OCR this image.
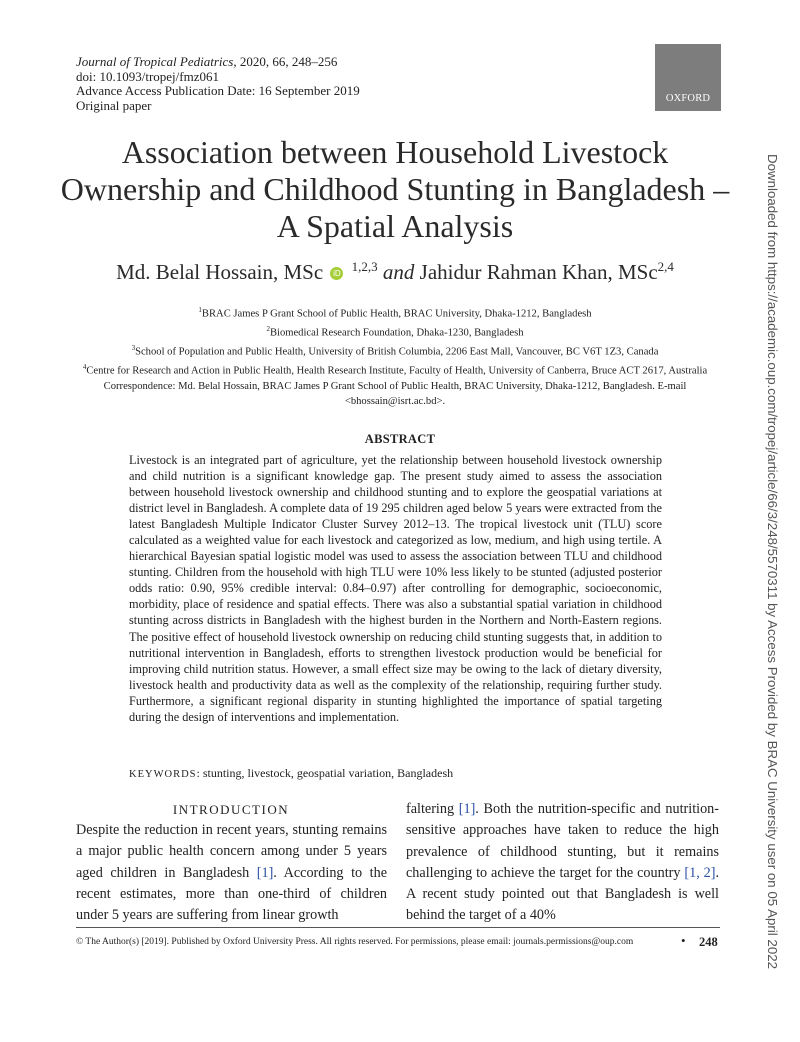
Journal of Tropical Pediatrics, 2020, 66, 248–256
doi: 10.1093/tropej/fmz061
Advance Access Publication Date: 16 September 2019
Original paper	OXFORD
Association between Household Livestock Ownership and Childhood Stunting in Bangladesh – A Spatial Analysis
Md. Belal Hossain, MSc iD $^{1,2,3}$ and Jahidur Rahman Khan, MSc$^{2,4}$
$^1$BRAC James P Grant School of Public Health, BRAC University, Dhaka-1212, Bangladesh
$^2$Biomedical Research Foundation, Dhaka-1230, Bangladesh
$^3$School of Population and Public Health, University of British Columbia, 2206 East Mall, Vancouver, BC V6T 1Z3, Canada
$^4$Centre for Research and Action in Public Health, Health Research Institute, Faculty of Health, University of Canberra, Bruce ACT 2617, Australia
Correspondence: Md. Belal Hossain, BRAC James P Grant School of Public Health, BRAC University, Dhaka-1212, Bangladesh. E-mail <bhossain@isrt.ac.bd>.
ABSTRACT
Livestock is an integrated part of agriculture, yet the relationship between household livestock ownership and child nutrition is a significant knowledge gap. The present study aimed to assess the association between household livestock ownership and childhood stunting and to explore the geospatial variations at district level in Bangladesh. A complete data of 19 295 children aged below 5 years were extracted from the latest Bangladesh Multiple Indicator Cluster Survey 2012–13. The tropical livestock unit (TLU) score calculated as a weighted value for each livestock and categorized as low, medium, and high using tertile. A hierarchical Bayesian spatial logistic model was used to assess the association between TLU and childhood stunting. Children from the household with high TLU were 10% less likely to be stunted (adjusted posterior odds ratio: 0.90, 95% credible interval: 0.84–0.97) after controlling for demographic, socioeconomic, morbidity, place of residence and spatial effects. There was also a substantial spatial variation in childhood stunting across districts in Bangladesh with the highest burden in the Northern and North-Eastern regions. The positive effect of household livestock ownership on reducing child stunting suggests that, in addition to nutritional intervention in Bangladesh, efforts to strengthen livestock production would be beneficial for improving child nutrition status. However, a small effect size may be owing to the lack of dietary diversity, livestock health and productivity data as well as the complexity of the relationship, requiring further study. Furthermore, a significant regional disparity in stunting highlighted the importance of spatial targeting during the design of interventions and implementation.
KEYWORDS: stunting, livestock, geospatial variation, Bangladesh
INTRODUCTION
Despite the reduction in recent years, stunting remains a major public health concern among under 5 years aged children in Bangladesh [1]. According to the recent estimates, more than one-third of children under 5 years are suffering from linear growth
faltering [1]. Both the nutrition-specific and nutrition-sensitive approaches have taken to reduce the high prevalence of childhood stunting, but it remains challenging to achieve the target for the country [1, 2]. A recent study pointed out that Bangladesh is well behind the target of a 40%
© The Author(s) [2019]. Published by Oxford University Press. All rights reserved. For permissions, please email: journals.permissions@oup.com	• 248	Downloaded from https://academic.oup.com/tropej/article/66/3/248/5570311 by Access Provided by BRAC University user on 05 April 2022
